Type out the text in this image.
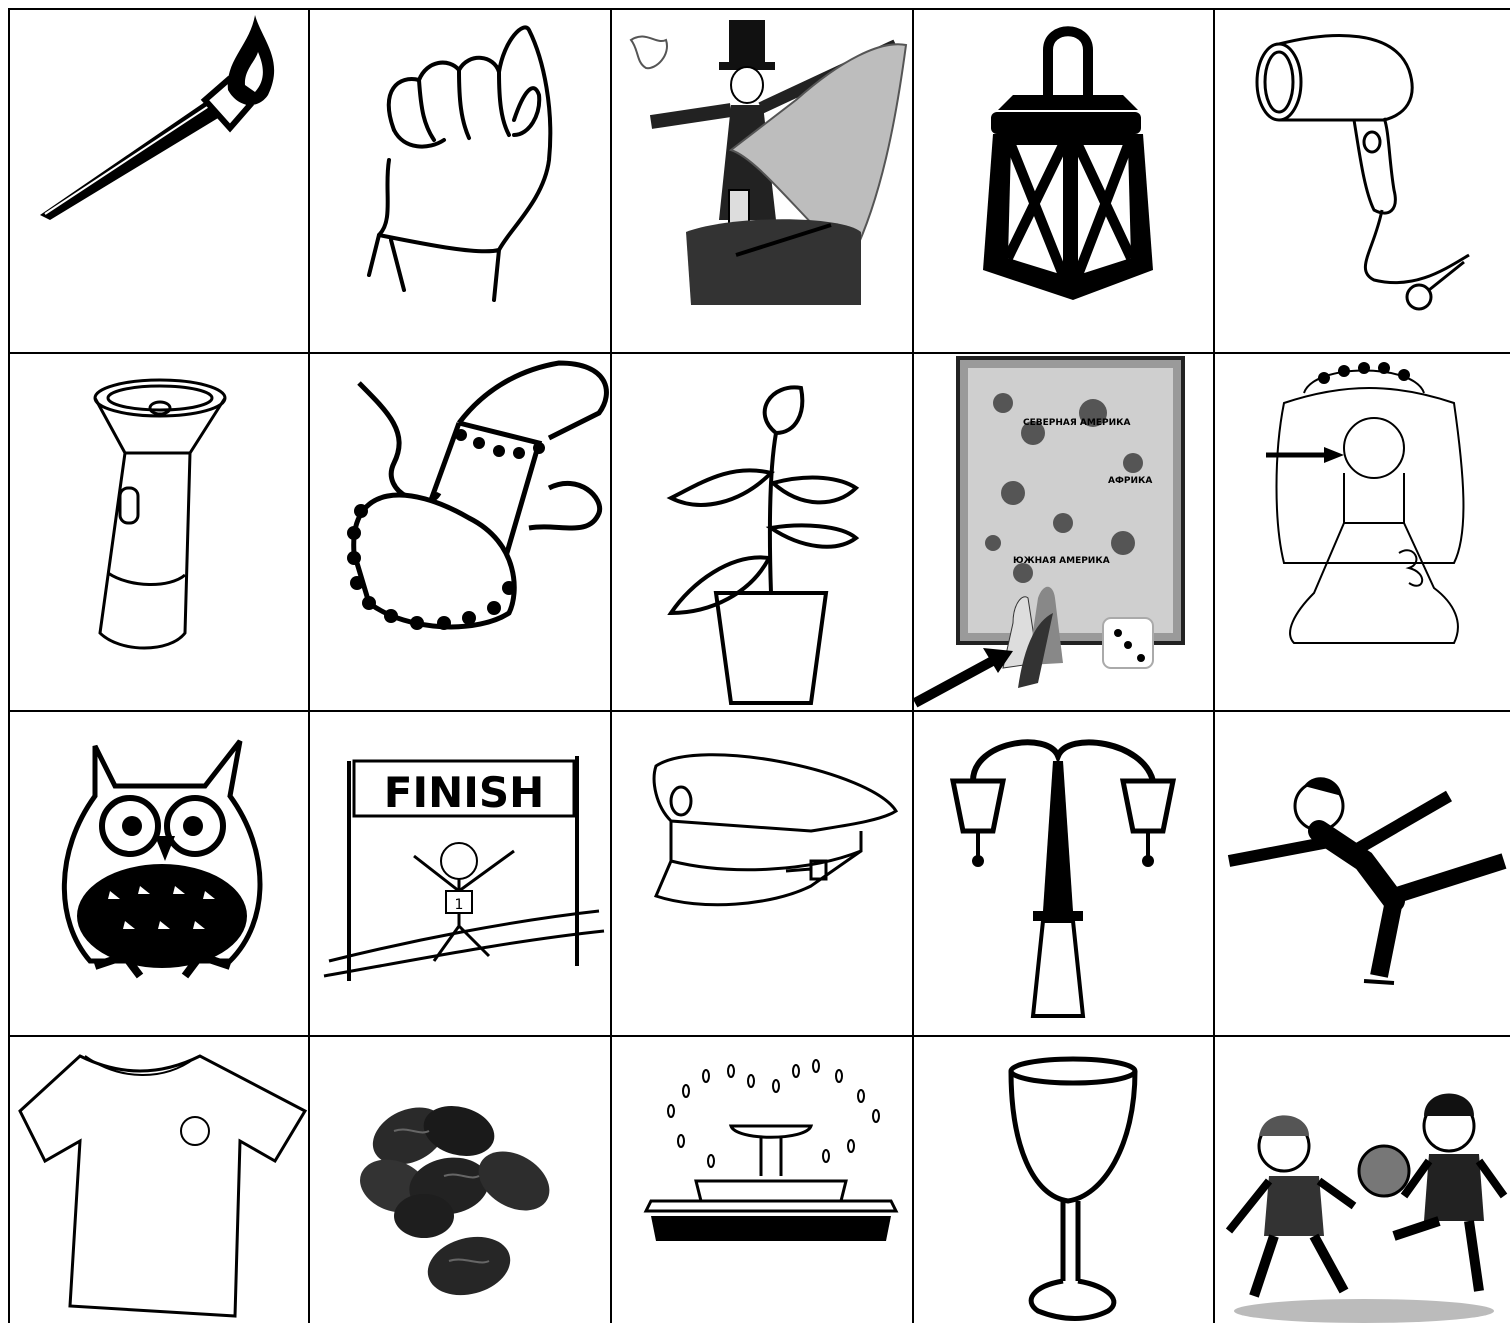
СЕВЕРНАЯ АМЕРИКА
ЮЖНАЯ АМЕРИКА
АФРИКА
FINISH
1
